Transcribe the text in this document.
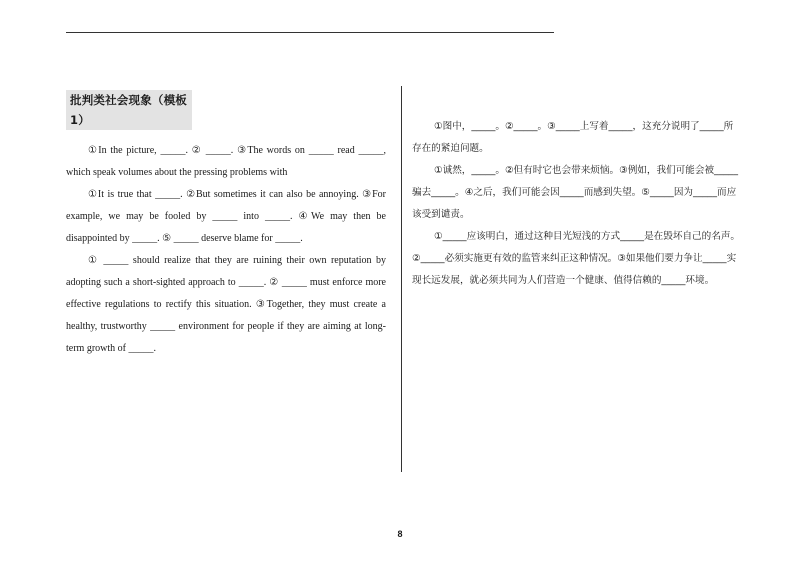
批判类社会现象（模板1）

①In the picture, _____. ② _____. ③The words on _____ read _____, which speak volumes about the pressing problems with

①It is true that _____. ②But sometimes it can also be annoying. ③For example, we may be fooled by _____ into _____. ④We may then be disappointed by _____. ⑤ _____ deserve blame for _____.

① _____ should realize that they are ruining their own reputation by adopting such a short-sighted approach to _____. ② _____ must enforce more effective regulations to rectify this situation. ③Together, they must create a healthy, trustworthy _____ environment for people if they are aiming at long-term growth of _____.

①图中，_____。②_____。③_____上写着_____，这充分说明了_____所存在的紧迫问题。

①诚然，_____。②但有时它也会带来烦恼。③例如，我们可能会被_____骗去_____。④之后，我们可能会因_____而感到失望。⑤_____因为_____而应该受到谴责。

①_____应该明白，通过这种目光短浅的方式_____是在毁坏自己的名声。②_____必须实施更有效的监管来纠正这种情况。③如果他们要力争让_____实现长远发展，就必须共同为人们营造一个健康、值得信赖的_____环境。

8
